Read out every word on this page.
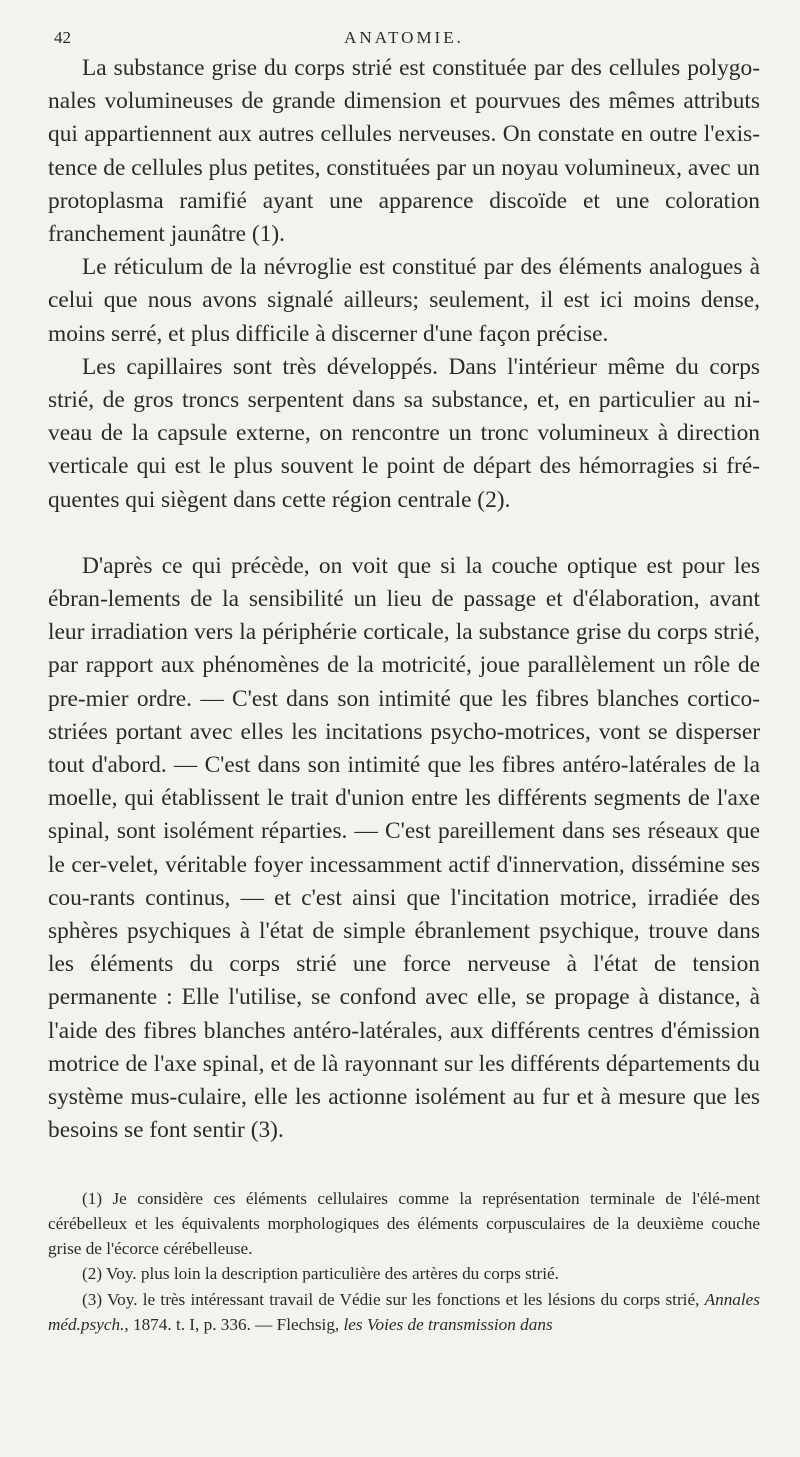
42	ANATOMIE.

La substance grise du corps strié est constituée par des cellules polygo-nales volumineuses de grande dimension et pourvues des mêmes attributs qui appartiennent aux autres cellules nerveuses. On constate en outre l'exis-tence de cellules plus petites, constituées par un noyau volumineux, avec un protoplasma ramifié ayant une apparence discoïde et une coloration franchement jaunâtre (1).

Le réticulum de la névroglie est constitué par des éléments analogues à celui que nous avons signalé ailleurs; seulement, il est ici moins dense, moins serré, et plus difficile à discerner d'une façon précise.

Les capillaires sont très développés. Dans l'intérieur même du corps strié, de gros troncs serpentent dans sa substance, et, en particulier au ni-veau de la capsule externe, on rencontre un tronc volumineux à direction verticale qui est le plus souvent le point de départ des hémorragies si fré-quentes qui siègent dans cette région centrale (2).

D'après ce qui précède, on voit que si la couche optique est pour les ébran-lements de la sensibilité un lieu de passage et d'élaboration, avant leur irradiation vers la périphérie corticale, la substance grise du corps strié, par rapport aux phénomènes de la motricité, joue parallèlement un rôle de pre-mier ordre. — C'est dans son intimité que les fibres blanches cortico-striées portant avec elles les incitations psycho-motrices, vont se disperser tout d'abord. — C'est dans son intimité que les fibres antéro-latérales de la moelle, qui établissent le trait d'union entre les différents segments de l'axe spinal, sont isolément réparties. — C'est pareillement dans ses réseaux que le cer-velet, véritable foyer incessamment actif d'innervation, dissémine ses cou-rants continus, — et c'est ainsi que l'incitation motrice, irradiée des sphères psychiques à l'état de simple ébranlement psychique, trouve dans les éléments du corps strié une force nerveuse à l'état de tension permanente : Elle l'utilise, se confond avec elle, se propage à distance, à l'aide des fibres blanches antéro-latérales, aux différents centres d'émission motrice de l'axe spinal, et de là rayonnant sur les différents départements du système mus-culaire, elle les actionne isolément au fur et à mesure que les besoins se font sentir (3).

(1) Je considère ces éléments cellulaires comme la représentation terminale de l'élé-ment cérébelleux et les équivalents morphologiques des éléments corpusculaires de la deuxième couche grise de l'écorce cérébelleuse.

(2) Voy. plus loin la description particulière des artères du corps strié.

(3) Voy. le très intéressant travail de Védie sur les fonctions et les lésions du corps strié, Annales méd.psych., 1874. t. I, p. 336. — Flechsig, les Voies de transmission dans
